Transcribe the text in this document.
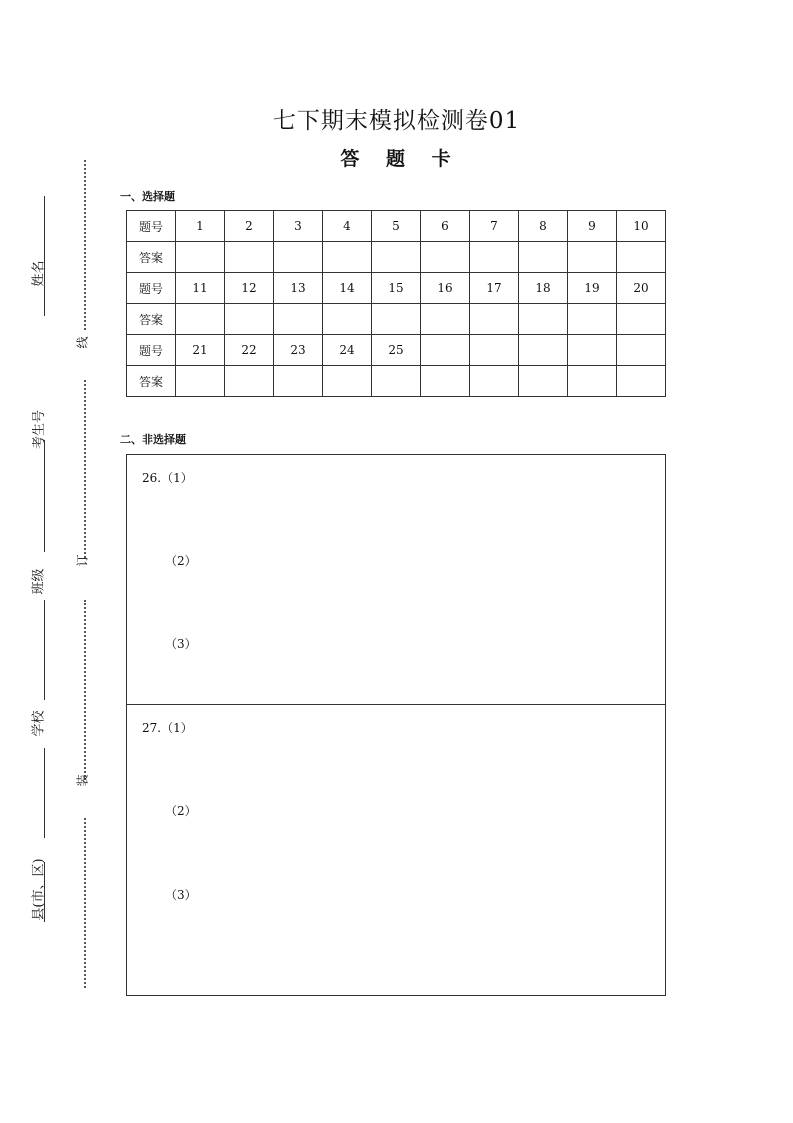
姓名
考生号
班级
学校
县(市、区)
线
订
装
七下期末模拟检测卷01
答 题 卡
一、选择题
题号	1	2	3	4	5	6	7	8	9	10
答案										
题号	11	12	13	14	15	16	17	18	19	20
答案										
题号	21	22	23	24	25					
答案										
二、非选择题
26.（1）
（2）
（3）
27.（1）
（2）
（3）
